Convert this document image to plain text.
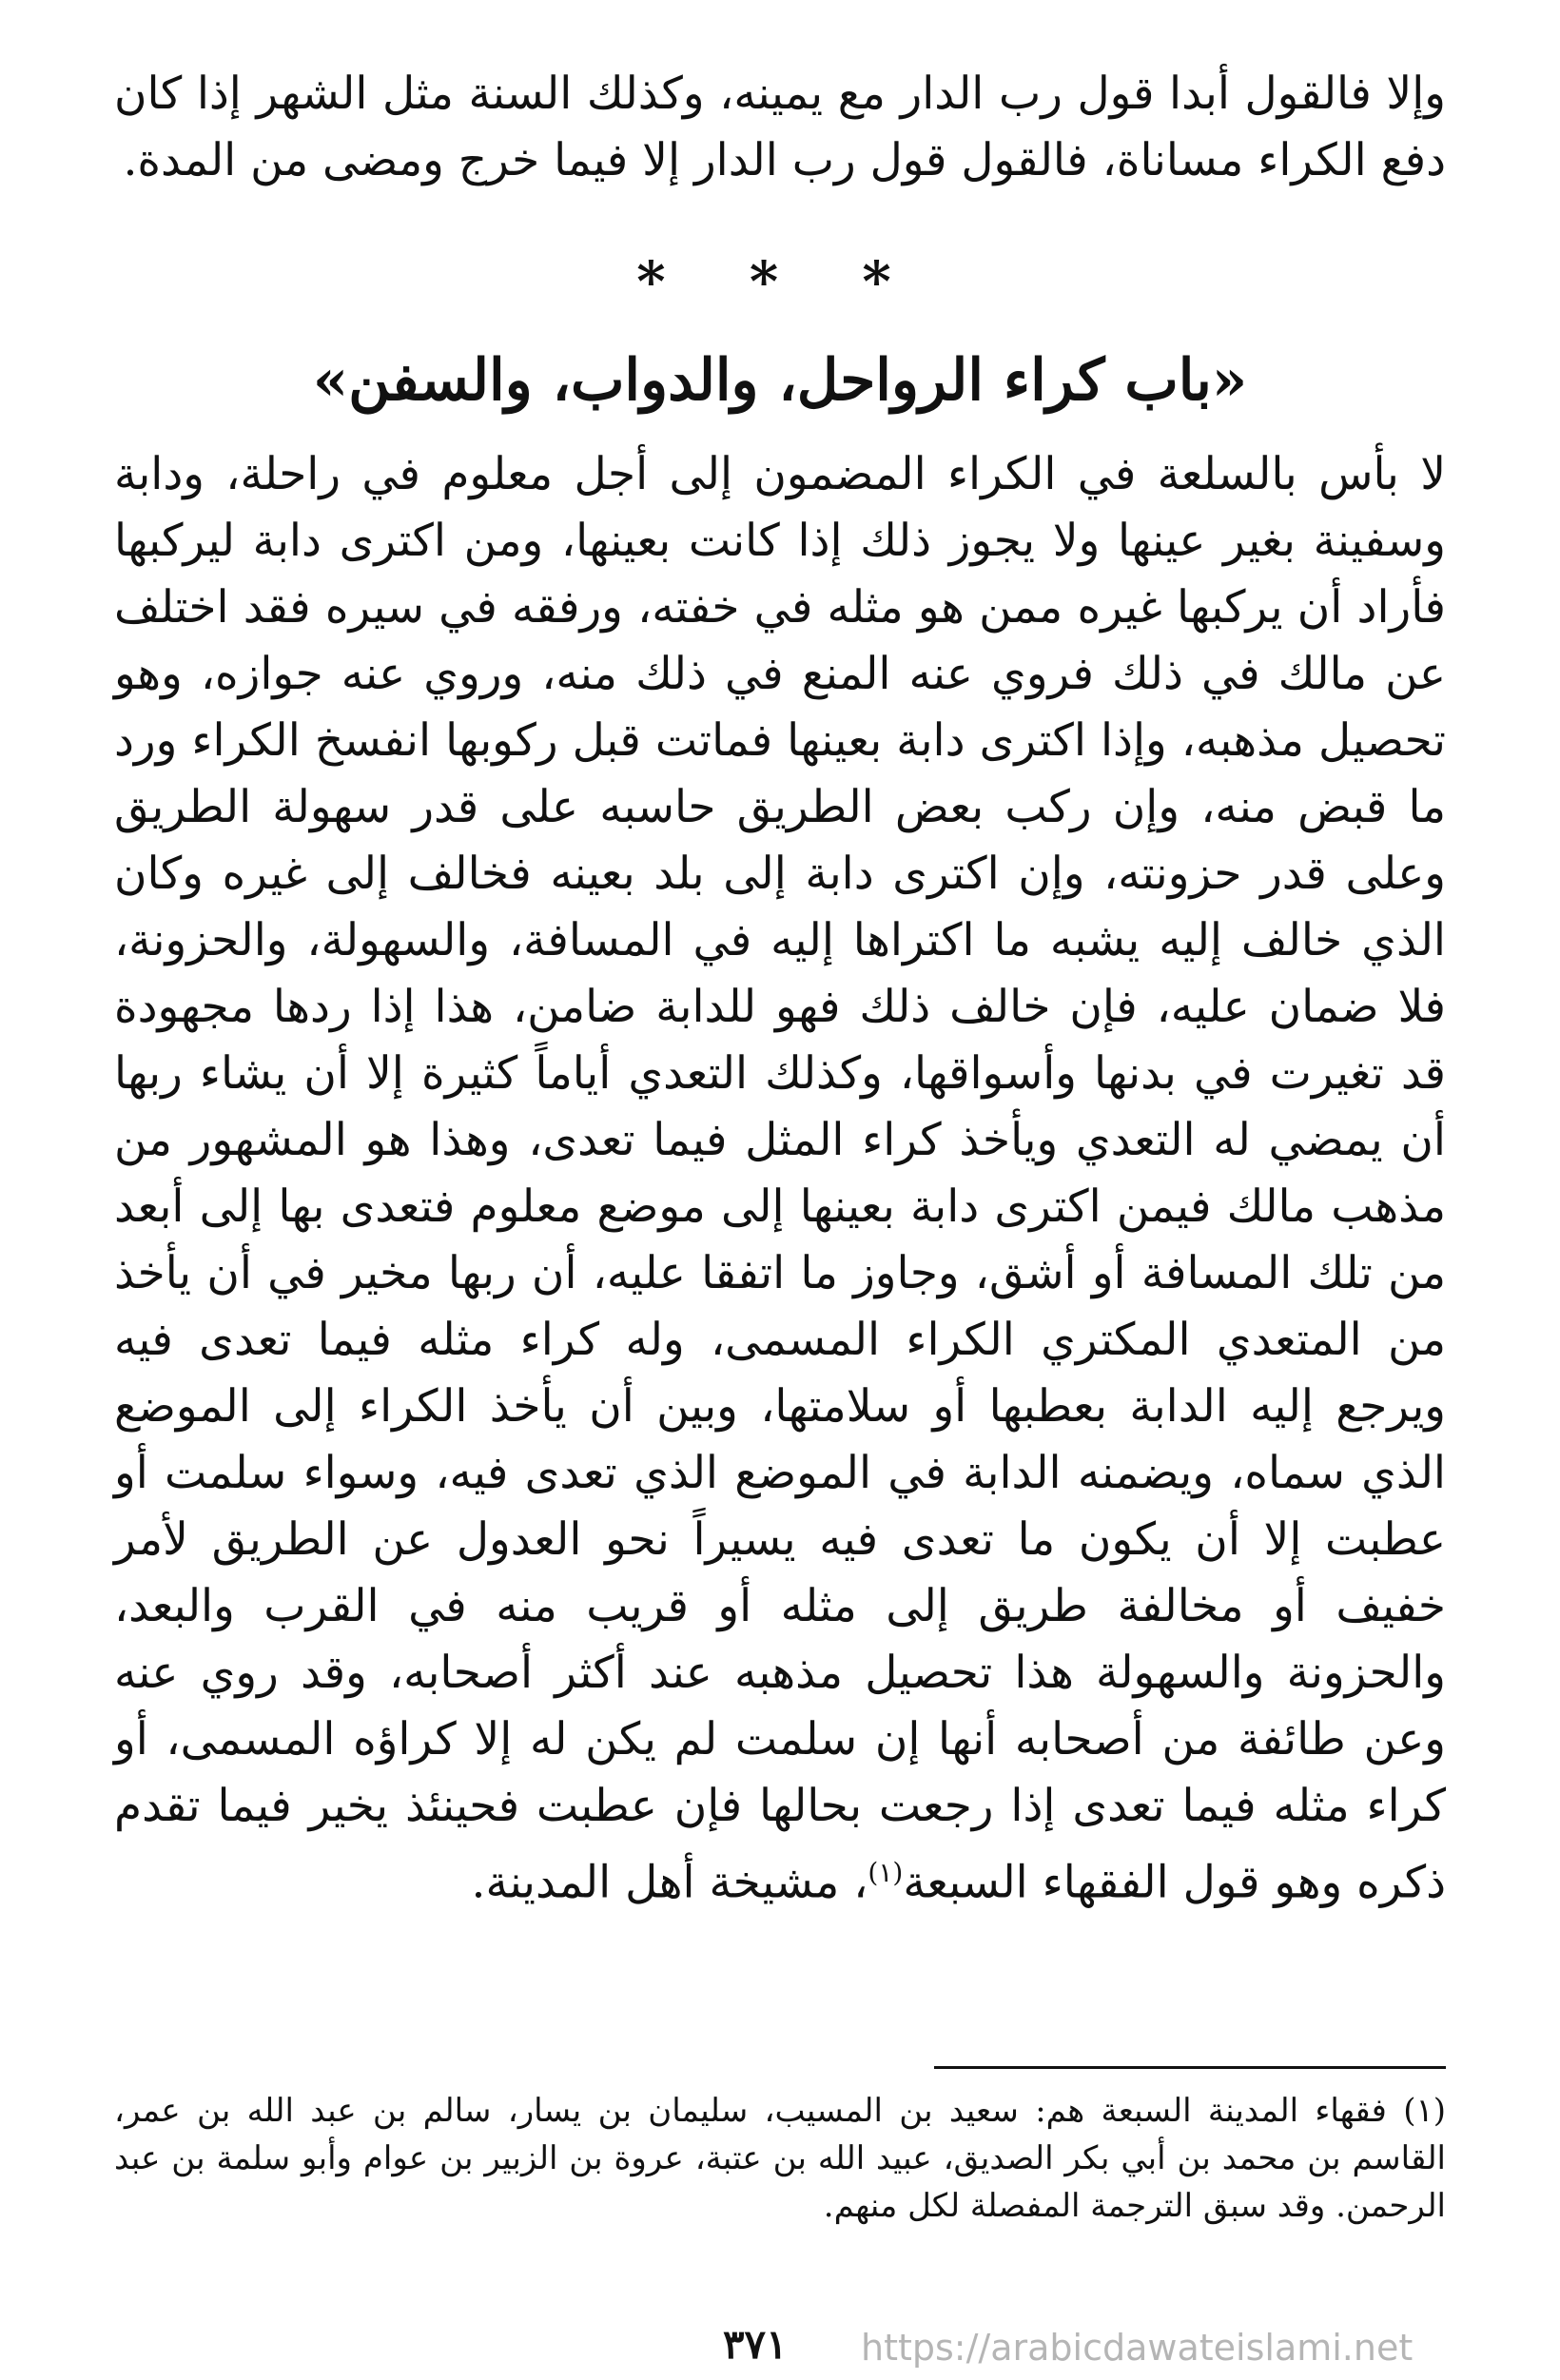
وإلا فالقول أبدا قول رب الدار مع يمينه، وكذلك السنة مثل الشهر إذا كان دفع الكراء مساناة، فالقول قول رب الدار إلا فيما خرج ومضى من المدة.

* * *
«باب كراء الرواحل، والدواب، والسفن»

لا بأس بالسلعة في الكراء المضمون إلى أجل معلوم في راحلة، ودابة وسفينة بغير عينها ولا يجوز ذلك إذا كانت بعينها، ومن اكترى دابة ليركبها فأراد أن يركبها غيره ممن هو مثله في خفته، ورفقه في سيره فقد اختلف عن مالك في ذلك فروي عنه المنع في ذلك منه، وروي عنه جوازه، وهو تحصيل مذهبه، وإذا اكترى دابة بعينها فماتت قبل ركوبها انفسخ الكراء ورد ما قبض منه، وإن ركب بعض الطريق حاسبه على قدر سهولة الطريق وعلى قدر حزونته، وإن اكترى دابة إلى بلد بعينه فخالف إلى غيره وكان الذي خالف إليه يشبه ما اكتراها إليه في المسافة، والسهولة، والحزونة، فلا ضمان عليه، فإن خالف ذلك فهو للدابة ضامن، هذا إذا ردها مجهودة قد تغيرت في بدنها وأسواقها، وكذلك التعدي أياماً كثيرة إلا أن يشاء ربها أن يمضي له التعدي ويأخذ كراء المثل فيما تعدى، وهذا هو المشهور من مذهب مالك فيمن اكترى دابة بعينها إلى موضع معلوم فتعدى بها إلى أبعد من تلك المسافة أو أشق، وجاوز ما اتفقا عليه، أن ربها مخير في أن يأخذ من المتعدي المكتري الكراء المسمى، وله كراء مثله فيما تعدى فيه ويرجع إليه الدابة بعطبها أو سلامتها، وبين أن يأخذ الكراء إلى الموضع الذي سماه، ويضمنه الدابة في الموضع الذي تعدى فيه، وسواء سلمت أو عطبت إلا أن يكون ما تعدى فيه يسيراً نحو العدول عن الطريق لأمر خفيف أو مخالفة طريق إلى مثله أو قريب منه في القرب والبعد، والحزونة والسهولة هذا تحصيل مذهبه عند أكثر أصحابه، وقد روي عنه وعن طائفة من أصحابه أنها إن سلمت لم يكن له إلا كراؤه المسمى، أو كراء مثله فيما تعدى إذا رجعت بحالها فإن عطبت فحينئذ يخير فيما تقدم ذكره وهو قول الفقهاء السبعة$^{(١)}$، مشيخة أهل المدينة.

(١) فقهاء المدينة السبعة هم: سعيد بن المسيب، سليمان بن يسار، سالم بن عبد الله بن عمر، القاسم بن محمد بن أبي بكر الصديق، عبيد الله بن عتبة، عروة بن الزبير بن عوام وأبو سلمة بن عبد الرحمن. وقد سبق الترجمة المفصلة لكل منهم.

٣٧١ https://arabicdawateislami.net
